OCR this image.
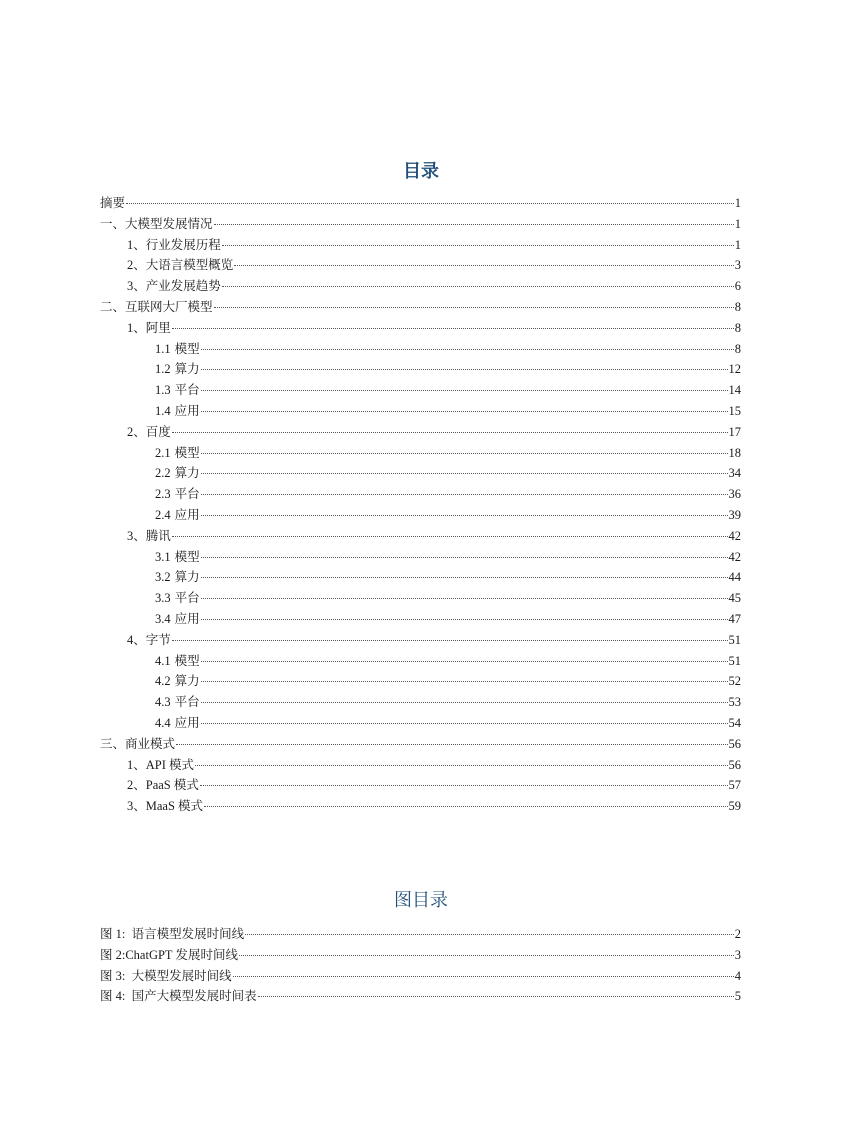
目录
摘要	1
一、大模型发展情况	1
1、行业发展历程	1
2、大语言模型概览	3
3、产业发展趋势	6
二、互联网大厂模型	8
1、阿里	8
1.1 模型	8
1.2 算力	12
1.3 平台	14
1.4 应用	15
2、百度	17
2.1 模型	18
2.2 算力	34
2.3 平台	36
2.4 应用	39
3、腾讯	42
3.1 模型	42
3.2 算力	44
3.3 平台	45
3.4 应用	47
4、字节	51
4.1 模型	51
4.2 算力	52
4.3 平台	53
4.4 应用	54
三、商业模式	56
1、API 模式	56
2、PaaS 模式	57
3、MaaS 模式	59
图目录
图 1:  语言模型发展时间线	2
图 2:ChatGPT 发展时间线	3
图 3:  大模型发展时间线	4
图 4:  国产大模型发展时间表	5
